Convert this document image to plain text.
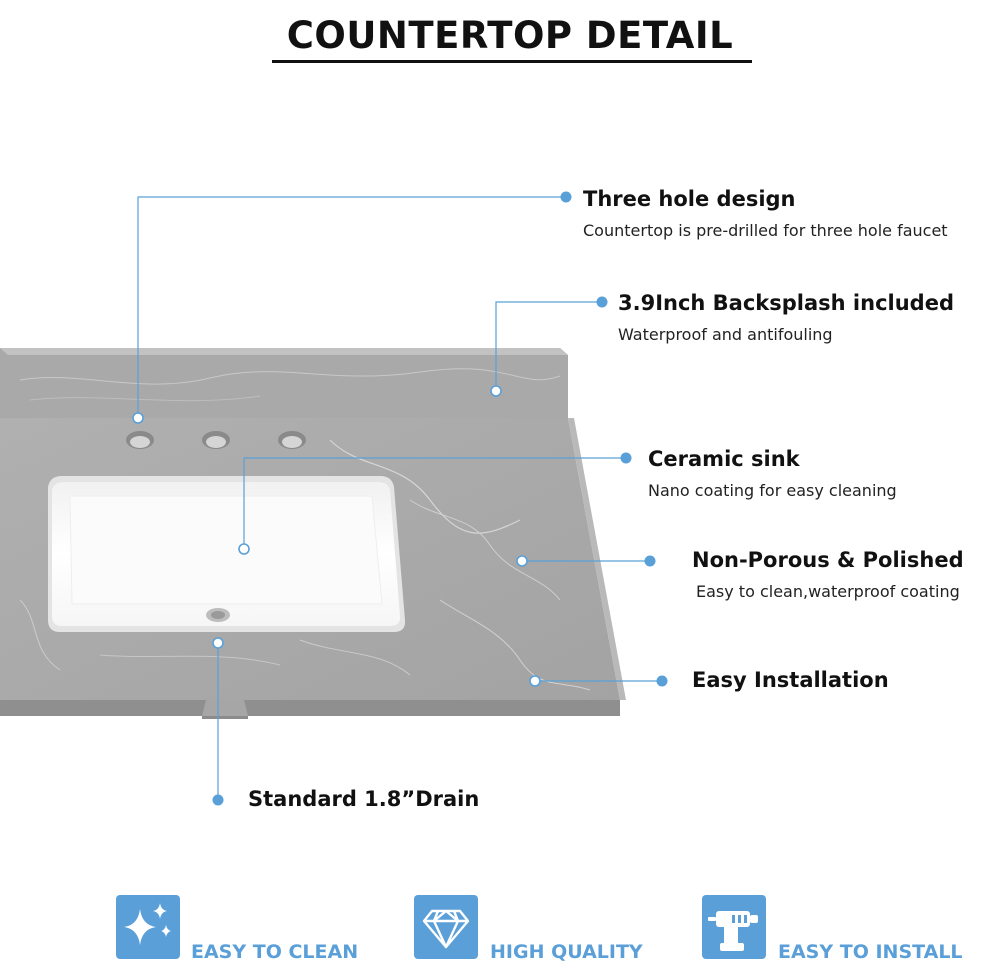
COUNTERTOP DETAIL
Three hole design
Countertop is pre-drilled for three hole faucet
3.9Inch Backsplash included
Waterproof and antifouling
Ceramic sink
Nano coating for easy cleaning
Non-Porous & Polished
Easy to clean,waterproof coating
Easy Installation
Standard 1.8”Drain
EASY TO CLEAN	HIGH QUALITY	EASY TO INSTALL
